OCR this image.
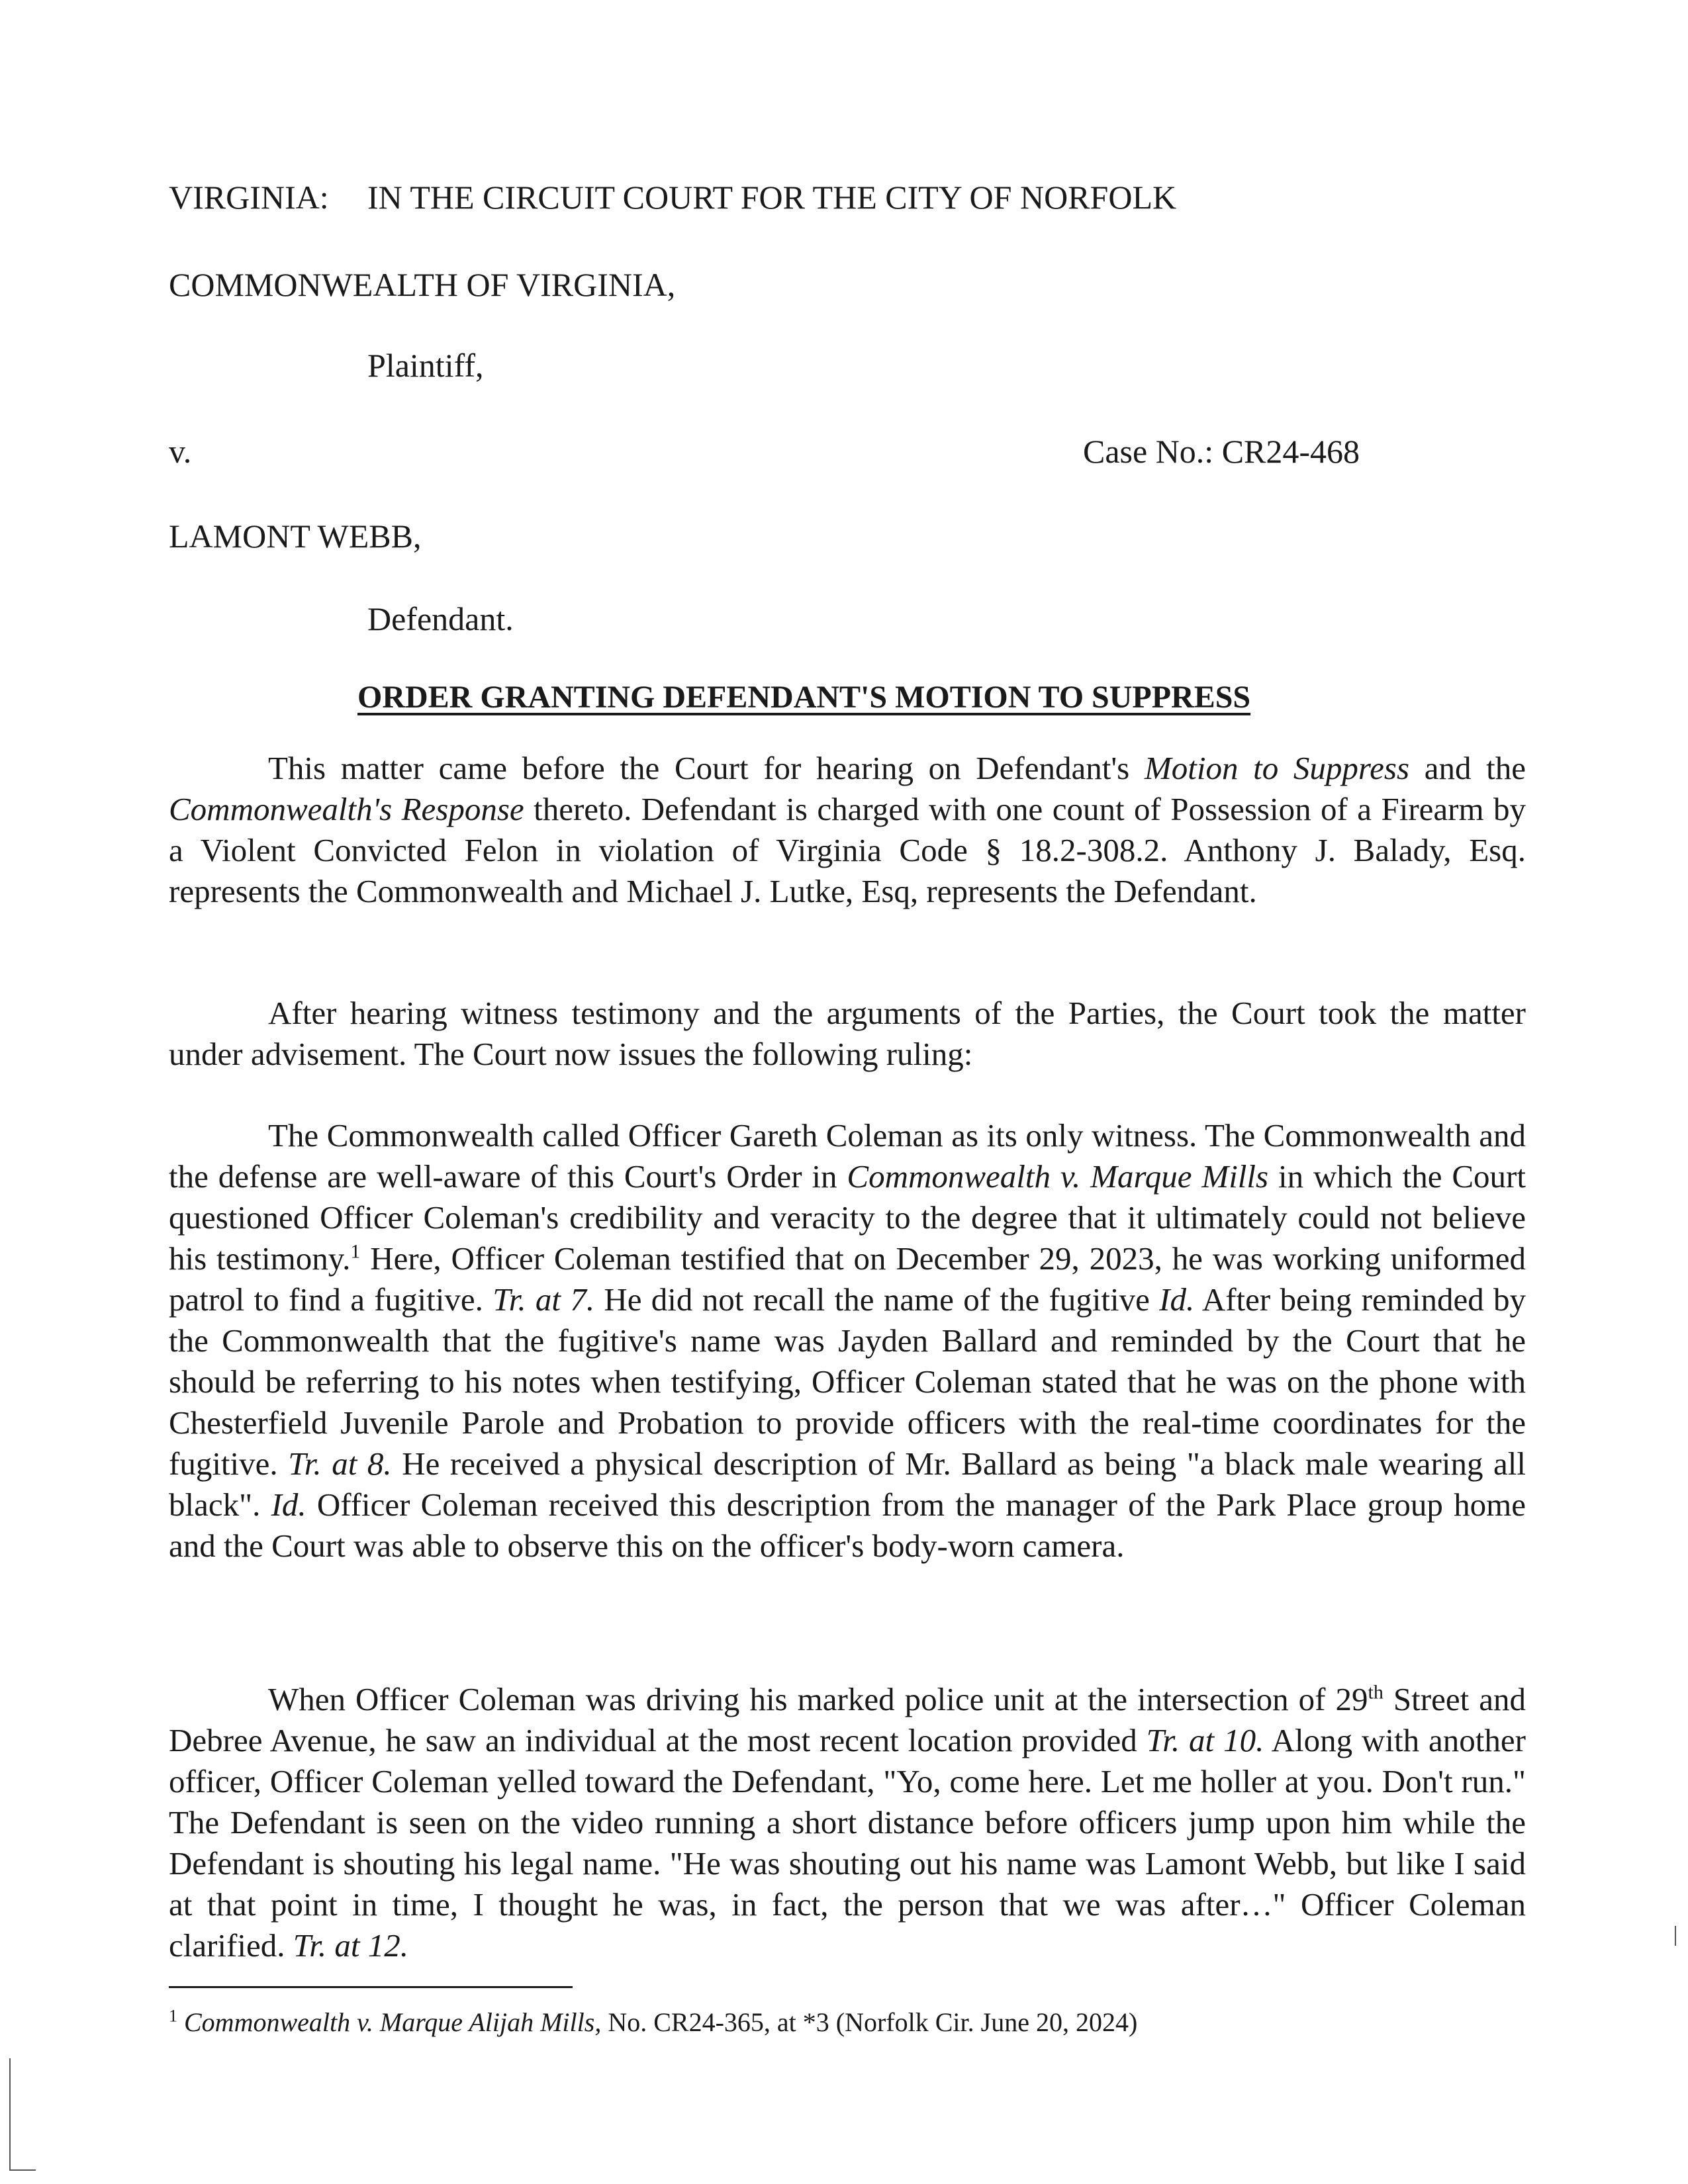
VIRGINIA: IN THE CIRCUIT COURT FOR THE CITY OF NORFOLK
COMMONWEALTH OF VIRGINIA,
Plaintiff,
v.	Case No.: CR24-468
LAMONT WEBB,
Defendant.
ORDER GRANTING DEFENDANT'S MOTION TO SUPPRESS

This matter came before the Court for hearing on Defendant's Motion to Suppress and the Commonwealth's Response thereto. Defendant is charged with one count of Possession of a Firearm by a Violent Convicted Felon in violation of Virginia Code § 18.2-308.2. Anthony J. Balady, Esq. represents the Commonwealth and Michael J. Lutke, Esq, represents the Defendant.

After hearing witness testimony and the arguments of the Parties, the Court took the matter under advisement. The Court now issues the following ruling:

The Commonwealth called Officer Gareth Coleman as its only witness. The Commonwealth and the defense are well-aware of this Court's Order in Commonwealth v. Marque Mills in which the Court questioned Officer Coleman's credibility and veracity to the degree that it ultimately could not believe his testimony.$^1$ Here, Officer Coleman testified that on December 29, 2023, he was working uniformed patrol to find a fugitive. Tr. at 7. He did not recall the name of the fugitive Id. After being reminded by the Commonwealth that the fugitive's name was Jayden Ballard and reminded by the Court that he should be referring to his notes when testifying, Officer Coleman stated that he was on the phone with Chesterfield Juvenile Parole and Probation to provide officers with the real-time coordinates for the fugitive. Tr. at 8. He received a physical description of Mr. Ballard as being "a black male wearing all black". Id. Officer Coleman received this description from the manager of the Park Place group home and the Court was able to observe this on the officer's body-worn camera.

When Officer Coleman was driving his marked police unit at the intersection of 29th Street and Debree Avenue, he saw an individual at the most recent location provided Tr. at 10. Along with another officer, Officer Coleman yelled toward the Defendant, "Yo, come here. Let me holler at you. Don't run." The Defendant is seen on the video running a short distance before officers jump upon him while the Defendant is shouting his legal name. "He was shouting out his name was Lamont Webb, but like I said at that point in time, I thought he was, in fact, the person that we was after…" Officer Coleman clarified. Tr. at 12.

$^1$ Commonwealth v. Marque Alijah Mills, No. CR24-365, at *3 (Norfolk Cir. June 20, 2024)
